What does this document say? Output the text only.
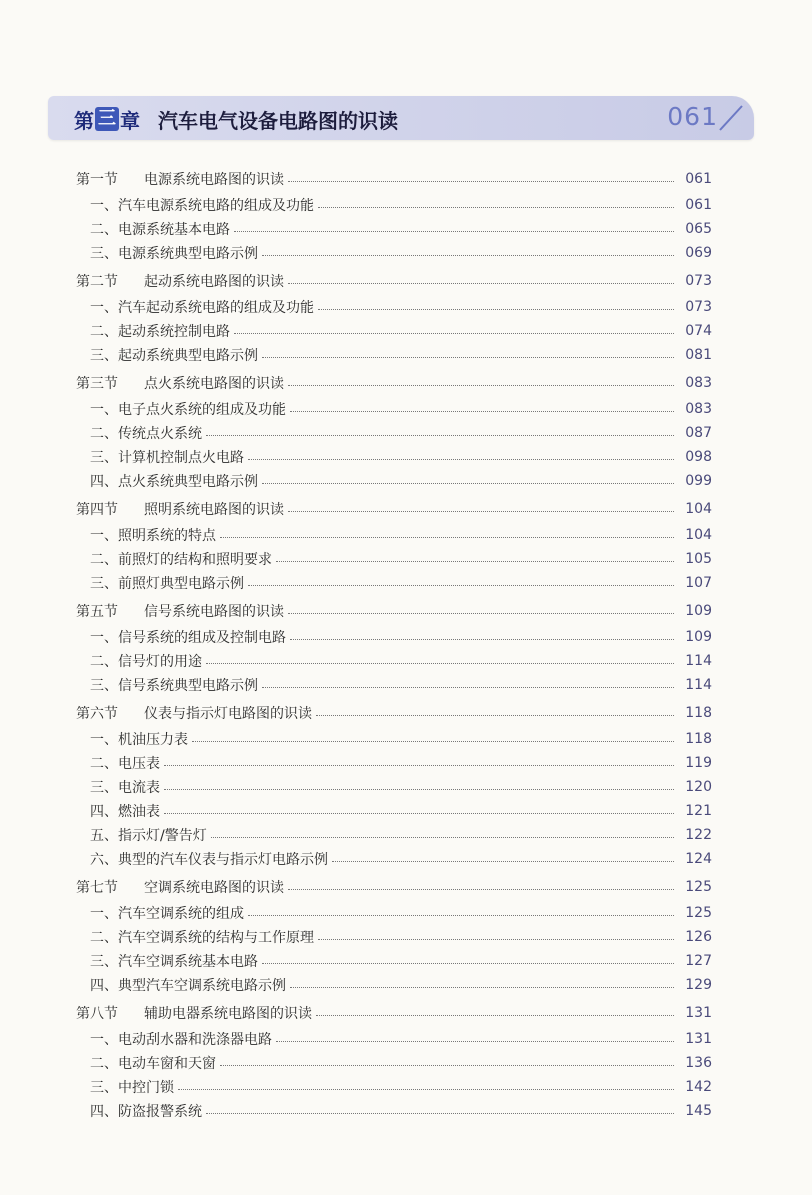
第 三 章 汽车电气设备电路图的识读	061
第一节 电源系统电路图的识读	061
一、汽车电源系统电路的组成及功能	061
二、电源系统基本电路	065
三、电源系统典型电路示例	069
第二节 起动系统电路图的识读	073
一、汽车起动系统电路的组成及功能	073
二、起动系统控制电路	074
三、起动系统典型电路示例	081
第三节 点火系统电路图的识读	083
一、电子点火系统的组成及功能	083
二、传统点火系统	087
三、计算机控制点火电路	098
四、点火系统典型电路示例	099
第四节 照明系统电路图的识读	104
一、照明系统的特点	104
二、前照灯的结构和照明要求	105
三、前照灯典型电路示例	107
第五节 信号系统电路图的识读	109
一、信号系统的组成及控制电路	109
二、信号灯的用途	114
三、信号系统典型电路示例	114
第六节 仪表与指示灯电路图的识读	118
一、机油压力表	118
二、电压表	119
三、电流表	120
四、燃油表	121
五、指示灯/警告灯	122
六、典型的汽车仪表与指示灯电路示例	124
第七节 空调系统电路图的识读	125
一、汽车空调系统的组成	125
二、汽车空调系统的结构与工作原理	126
三、汽车空调系统基本电路	127
四、典型汽车空调系统电路示例	129
第八节 辅助电器系统电路图的识读	131
一、电动刮水器和洗涤器电路	131
二、电动车窗和天窗	136
三、中控门锁	142
四、防盗报警系统	145
